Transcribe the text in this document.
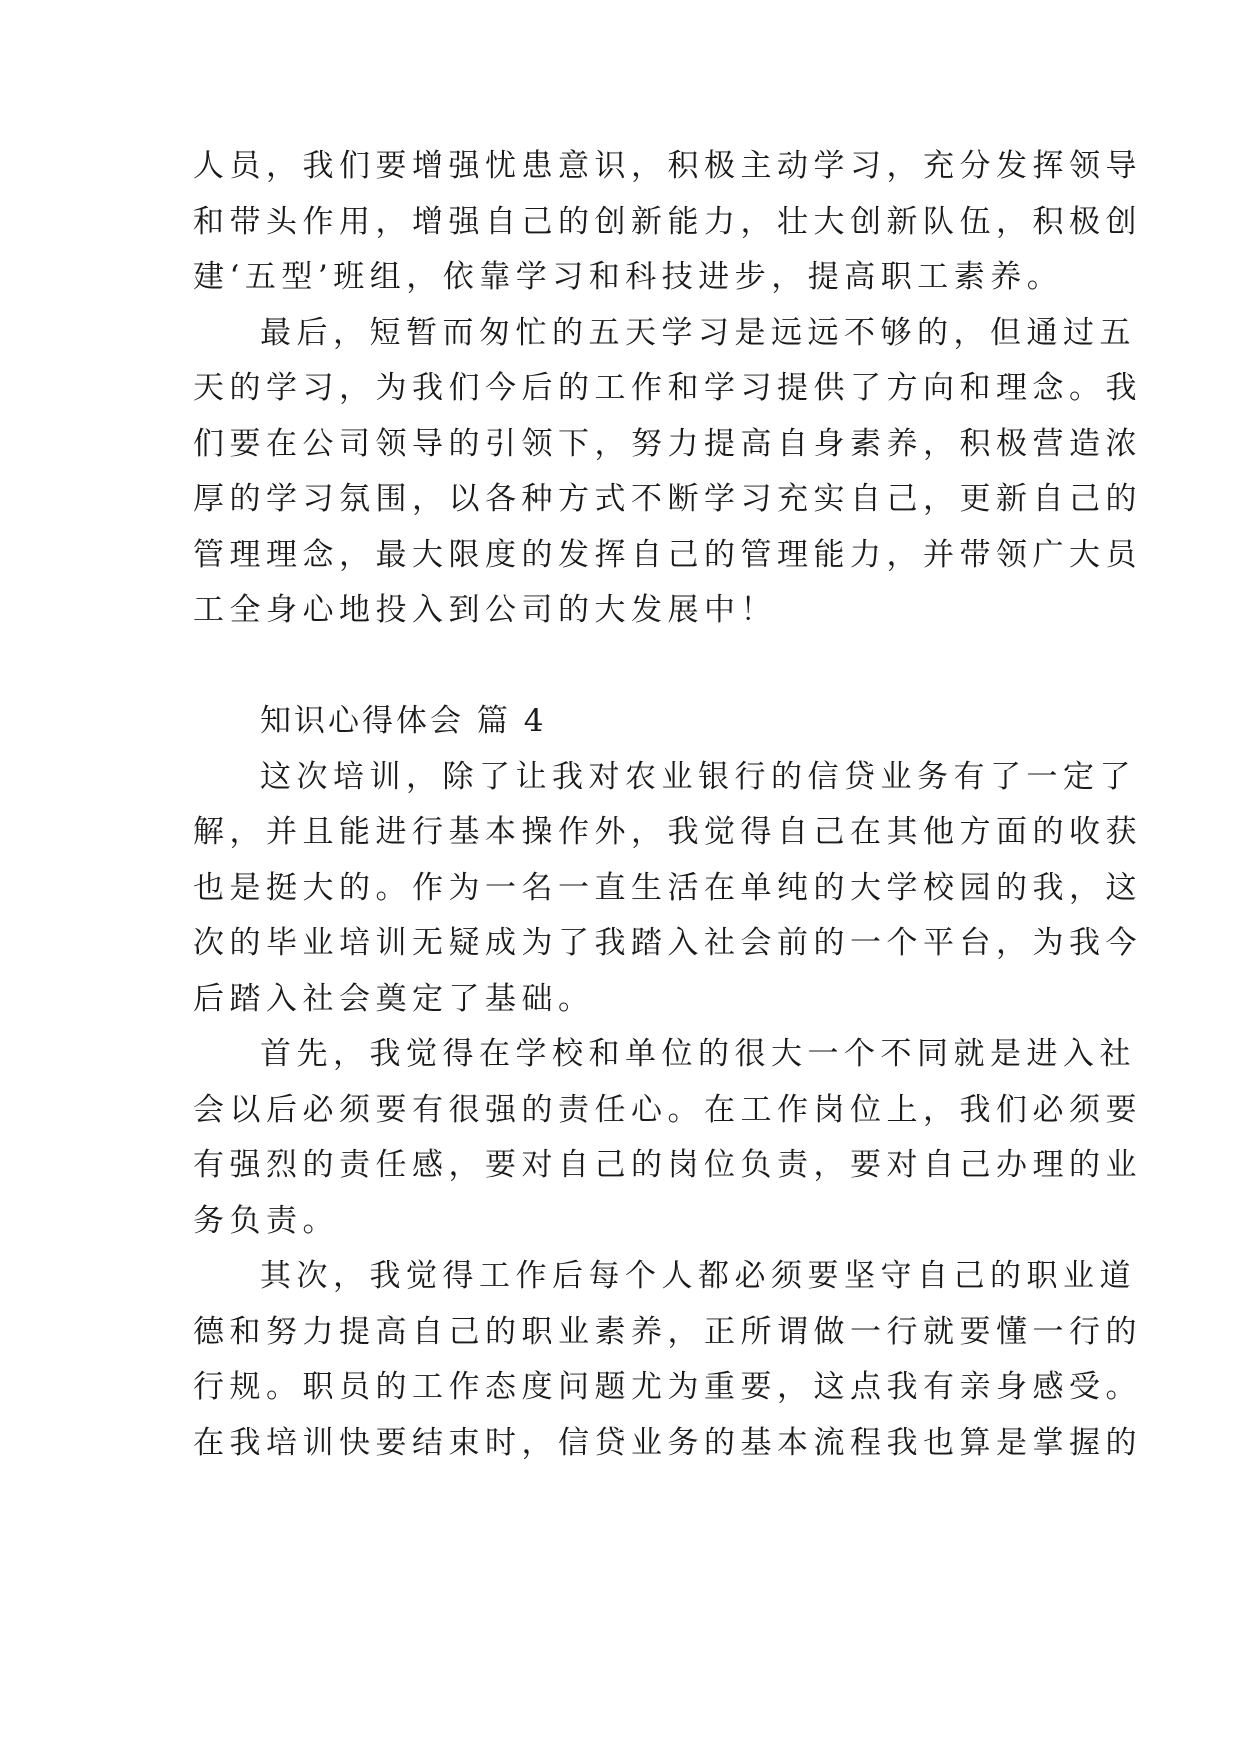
人员，我们要增强忧患意识，积极主动学习，充分发挥领导
和带头作用，增强自己的创新能力，壮大创新队伍，积极创
建‘五型’班组，依靠学习和科技进步，提高职工素养。
最后，短暂而匆忙的五天学习是远远不够的，但通过五
天的学习，为我们今后的工作和学习提供了方向和理念。我
们要在公司领导的引领下，努力提高自身素养，积极营造浓
厚的学习氛围，以各种方式不断学习充实自己，更新自己的
管理理念，最大限度的发挥自己的管理能力，并带领广大员
工全身心地投入到公司的大发展中！
知识心得体会 篇 4
这次培训，除了让我对农业银行的信贷业务有了一定了
解，并且能进行基本操作外，我觉得自己在其他方面的收获
也是挺大的。作为一名一直生活在单纯的大学校园的我，这
次的毕业培训无疑成为了我踏入社会前的一个平台，为我今
后踏入社会奠定了基础。
首先，我觉得在学校和单位的很大一个不同就是进入社
会以后必须要有很强的责任心。在工作岗位上，我们必须要
有强烈的责任感，要对自己的岗位负责，要对自己办理的业
务负责。
其次，我觉得工作后每个人都必须要坚守自己的职业道
德和努力提高自己的职业素养，正所谓做一行就要懂一行的
行规。职员的工作态度问题尤为重要，这点我有亲身感受。
在我培训快要结束时，信贷业务的基本流程我也算是掌握的
